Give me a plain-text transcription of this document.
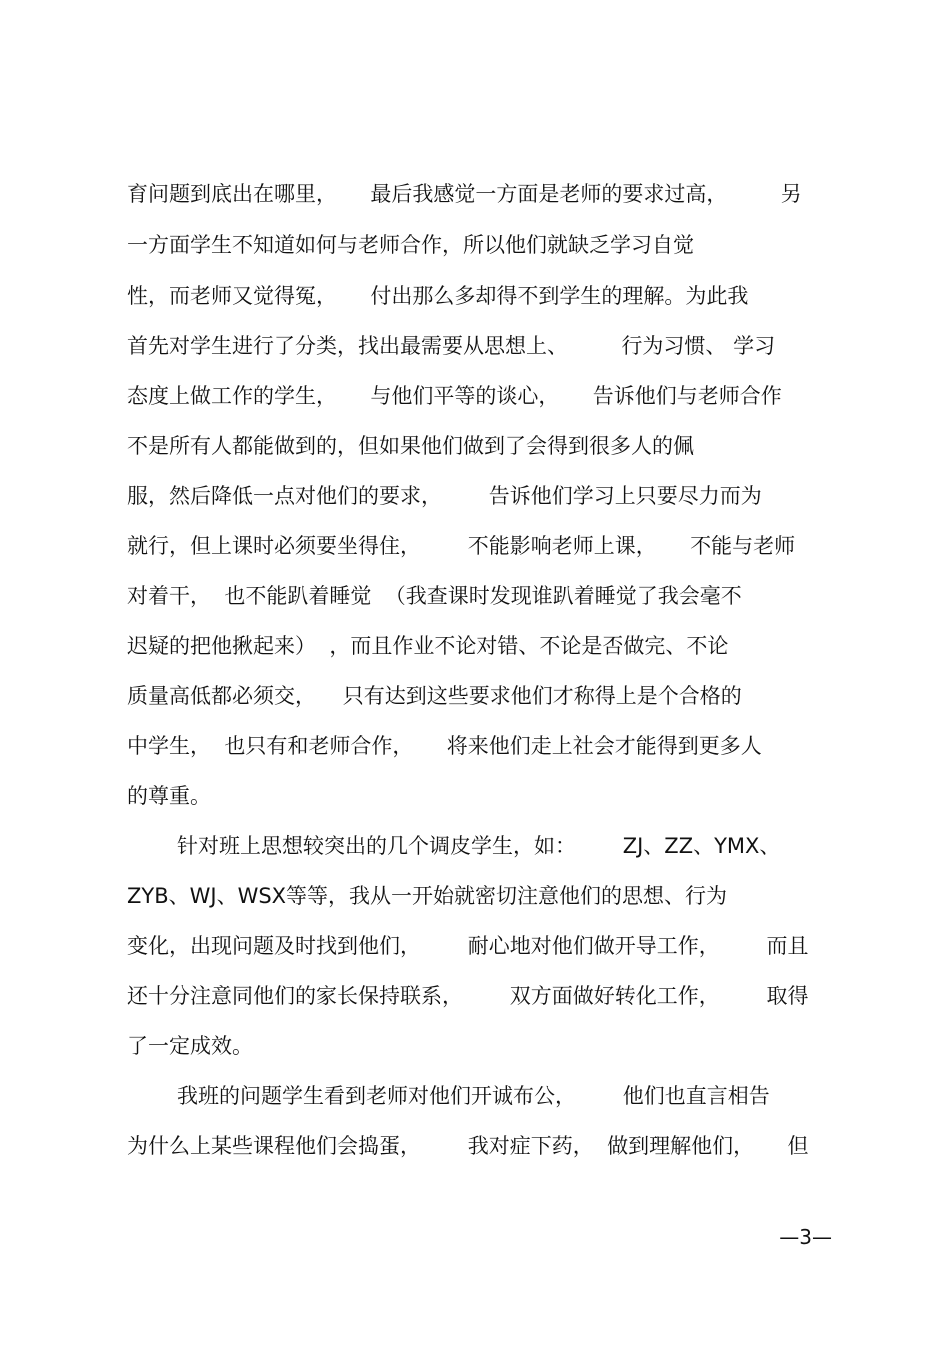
育问题到底出在哪里，     最后我感觉一方面是老师的要求过高，        另
一方面学生不知道如何与老师合作，所以他们就缺乏学习自觉
性，而老师又觉得冤，     付出那么多却得不到学生的理解。为此我
首先对学生进行了分类，找出最需要从思想上、        行为习惯、 学习
态度上做工作的学生，     与他们平等的谈心，     告诉他们与老师合作
不是所有人都能做到的，但如果他们做到了会得到很多人的佩
服，然后降低一点对他们的要求，       告诉他们学习上只要尽力而为
就行，但上课时必须要坐得住，       不能影响老师上课，     不能与老师
对着干，  也不能趴着睡觉  （我查课时发现谁趴着睡觉了我会毫不
迟疑的把他揪起来）  ，而且作业不论对错、不论是否做完、不论
质量高低都必须交，    只有达到这些要求他们才称得上是个合格的
中学生，  也只有和老师合作，     将来他们走上社会才能得到更多人
的尊重。
针对班上思想较突出的几个调皮学生，如：       ZJ、ZZ、YMX、
ZYB、WJ、WSX等等，我从一开始就密切注意他们的思想、行为
变化，出现问题及时找到他们，       耐心地对他们做开导工作，       而且
还十分注意同他们的家长保持联系，       双方面做好转化工作，       取得
了一定成效。
我班的问题学生看到老师对他们开诚布公，       他们也直言相告
为什么上某些课程他们会捣蛋，       我对症下药，  做到理解他们，     但
—3—
